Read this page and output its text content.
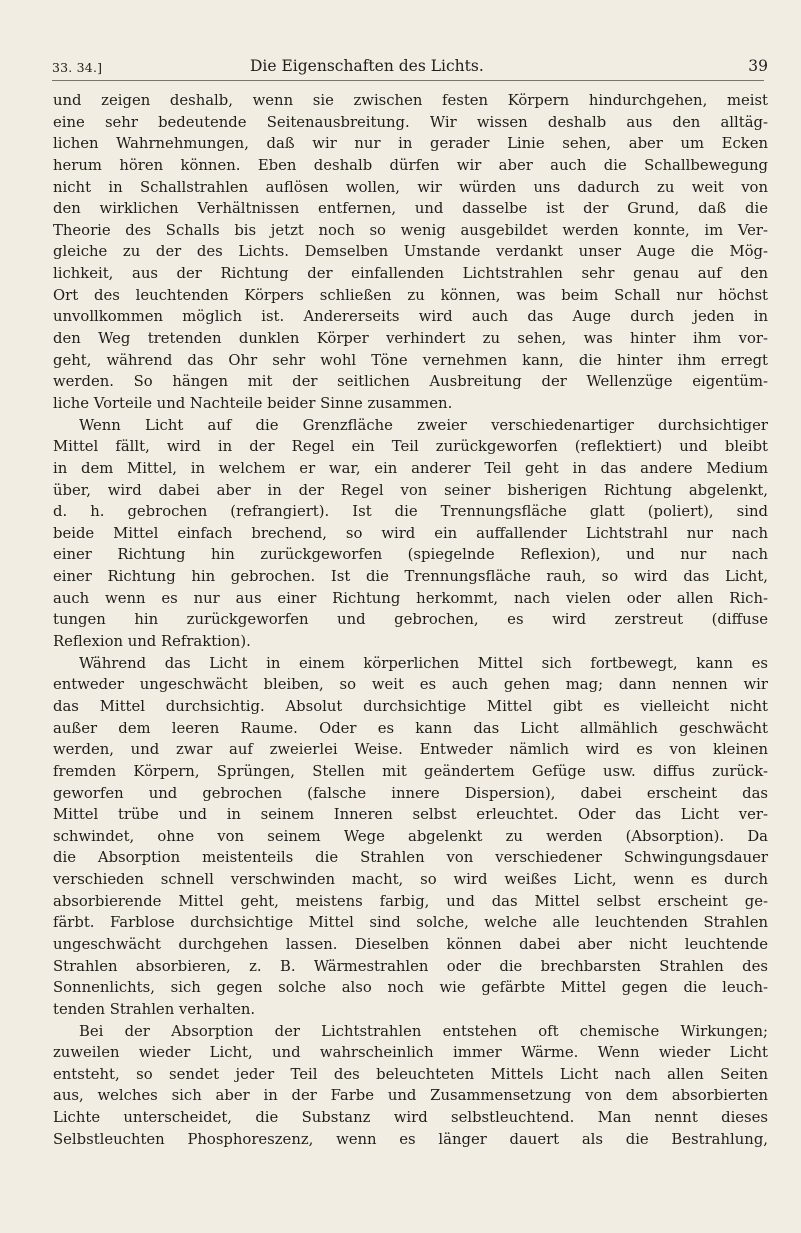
33. 34.]	Die Eigenschaften des Lichts.	39
und zeigen deshalb, wenn sie zwischen festen Körpern hindurchgehen, meist
eine sehr bedeutende Seitenausbreitung. Wir wissen deshalb aus den alltäg-
lichen Wahrnehmungen, daß wir nur in gerader Linie sehen, aber um Ecken
herum hören können. Eben deshalb dürfen wir aber auch die Schallbewegung
nicht in Schallstrahlen auflösen wollen, wir würden uns dadurch zu weit von
den wirklichen Verhältnissen entfernen, und dasselbe ist der Grund, daß die
Theorie des Schalls bis jetzt noch so wenig ausgebildet werden konnte, im Ver-
gleiche zu der des Lichts. Demselben Umstande verdankt unser Auge die Mög-
lichkeit, aus der Richtung der einfallenden Lichtstrahlen sehr genau auf den
Ort des leuchtenden Körpers schließen zu können, was beim Schall nur höchst
unvollkommen möglich ist. Andererseits wird auch das Auge durch jeden in
den Weg tretenden dunklen Körper verhindert zu sehen, was hinter ihm vor-
geht, während das Ohr sehr wohl Töne vernehmen kann, die hinter ihm erregt
werden. So hängen mit der seitlichen Ausbreitung der Wellenzüge eigentüm-
liche Vorteile und Nachteile beider Sinne zusammen.
Wenn Licht auf die Grenzfläche zweier verschiedenartiger durchsichtiger
Mittel fällt, wird in der Regel ein Teil zurückgeworfen (reflektiert) und bleibt
in dem Mittel, in welchem er war, ein anderer Teil geht in das andere Medium
über, wird dabei aber in der Regel von seiner bisherigen Richtung abgelenkt,
d. h. gebrochen (refrangiert). Ist die Trennungsfläche glatt (poliert), sind
beide Mittel einfach brechend, so wird ein auffallender Lichtstrahl nur nach
einer Richtung hin zurückgeworfen (spiegelnde Reflexion), und nur nach
einer Richtung hin gebrochen. Ist die Trennungsfläche rauh, so wird das Licht,
auch wenn es nur aus einer Richtung herkommt, nach vielen oder allen Rich-
tungen hin zurückgeworfen und gebrochen, es wird zerstreut (diffuse
Reflexion und Refraktion).
Während das Licht in einem körperlichen Mittel sich fortbewegt, kann es
entweder ungeschwächt bleiben, so weit es auch gehen mag; dann nennen wir
das Mittel durchsichtig. Absolut durchsichtige Mittel gibt es vielleicht nicht
außer dem leeren Raume. Oder es kann das Licht allmählich geschwächt
werden, und zwar auf zweierlei Weise. Entweder nämlich wird es von kleinen
fremden Körpern, Sprüngen, Stellen mit geändertem Gefüge usw. diffus zurück-
geworfen und gebrochen (falsche innere Dispersion), dabei erscheint das
Mittel trübe und in seinem Inneren selbst erleuchtet. Oder das Licht ver-
schwindet, ohne von seinem Wege abgelenkt zu werden (Absorption). Da
die Absorption meistenteils die Strahlen von verschiedener Schwingungsdauer
verschieden schnell verschwinden macht, so wird weißes Licht, wenn es durch
absorbierende Mittel geht, meistens farbig, und das Mittel selbst erscheint ge-
färbt. Farblose durchsichtige Mittel sind solche, welche alle leuchtenden Strahlen
ungeschwächt durchgehen lassen. Dieselben können dabei aber nicht leuchtende
Strahlen absorbieren, z. B. Wärmestrahlen oder die brechbarsten Strahlen des
Sonnenlichts, sich gegen solche also noch wie gefärbte Mittel gegen die leuch-
tenden Strahlen verhalten.
Bei der Absorption der Lichtstrahlen entstehen oft chemische Wirkungen;
zuweilen wieder Licht, und wahrscheinlich immer Wärme. Wenn wieder Licht
entsteht, so sendet jeder Teil des beleuchteten Mittels Licht nach allen Seiten
aus, welches sich aber in der Farbe und Zusammensetzung von dem absorbierten
Lichte unterscheidet, die Substanz wird selbstleuchtend. Man nennt dieses
Selbstleuchten Phosphoreszenz, wenn es länger dauert als die Bestrahlung,
